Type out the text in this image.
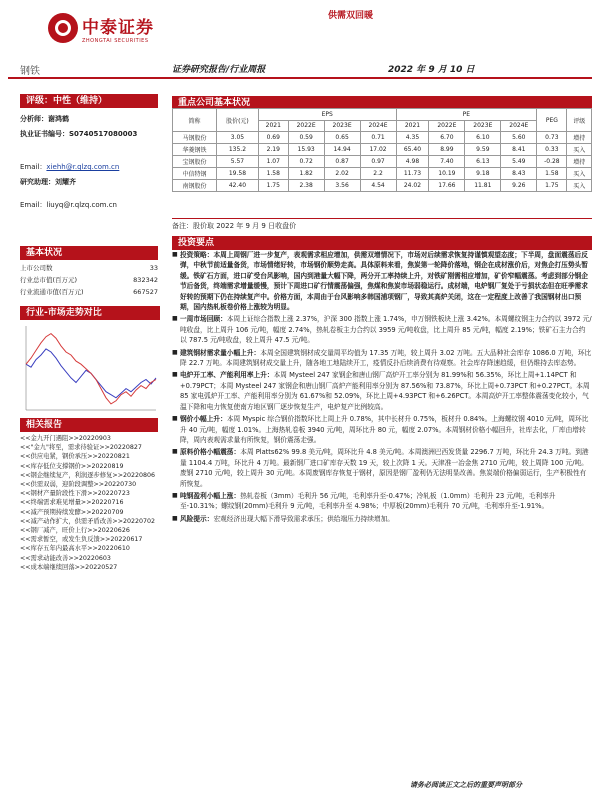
中泰证券
ZHONGTAI SECURITIES
供需双回暖
钢铁	证券研究报告/行业周报	2022 年 9 月 10 日
评级：中性（维持）
分析师：谢鸿鹤
执业证书编号：S0740517080003
Email：xiehh@r.qlzq.com.cn
研究助理：刘耀齐
Email：liuyq@r.qlzq.com.cn
基本状况
上市公司数	33
行业总市值(百万元)	832342
行业流通市值(百万元)	667527
行业-市场走势对比
相关报告
<<金九开门遇阻>>20220903
<<"金九"将至，需求待验证>>20220827
<<供应电紧，钢价承压>>20220821
<<库存低位支撑钢价>>20220819
<<钢企继续复产，利润逐步修复>>20220806
<<供需双弱，迎阶段调整>>20220730
<<钢材产量阶段性下滑>>20220723
<<终端需求难见增量>>20220716
<<减产预期持续发酵>>20220709
<<减产动作扩大，供需矛盾改善>>20220702
<<钢厂减产，旺价上行>>20220626
<<需求暂空，或发生负反馈>>20220617
<<库存五年内最高水平>>20220610
<<需求动能改善>>20220603
<<成本端继续回落>>20220527
重点公司基本状况
简称	股价(元)	EPS				PE				PEG	评级
		2021	2022E	2023E	2024E	2021	2022E	2023E	2024E		
马钢股份	3.05	0.69	0.59	0.65	0.71	4.35	6.70	6.10	5.60	0.73	增持
华菱钢铁	135.2	2.19	15.93	14.94	17.02	65.40	8.99	9.59	8.41	0.33	买入
宝钢股份	5.57	1.07	0.72	0.87	0.97	4.98	7.40	6.13	5.49	-0.28	增持
中信特钢	19.58	1.58	1.82	2.02	2.2	11.73	10.19	9.18	8.43	1.58	买入
南钢股份	42.40	1.75	2.38	3.56	4.54	24.02	17.66	11.81	9.26	1.75	买入
备注：股价取 2022 年 9 月 9 日收盘价
投资要点
■ 投资策略：本周上周钢厂进一步复产，表观需求相应增加，供需双增情况下，市场对后续需求恢复持谨慎观望态度；下半周，盘面震荡后反弹，中秋节前适量备货，市场情绪好转，市场钢价顺势走高。具体原料来看，焦炭第一轮降价落地，钢企在成材涨价后，对焦企打压势头暂缓。铁矿石方面，进口矿受台风影响，国内到港量大幅下降，两分开工率持续上升，对铁矿刚需相应增加，矿价窄幅震荡。考虑到部分钢企节后备货，终端需求增量缓慢，预计下周进口矿行情震荡偏强，焦煤和焦炭市场弱稳运行。成材端，电炉钢厂复处于亏损状态但在旺季需求好转的预期下仍在持续复产中。价格方面，本周由于台风影响多韩国浦项钢厂，导致其高炉关闭，这在一定程度上改善了我国钢材出口预期，国内热轧板卷价格上涨较为明显。
■ 一周市场回顾：本周上证综合指数上涨 2.37%，沪深 300 指数上涨 1.74%，申万钢铁板块上涨 3.42%。本周螺纹钢主力合约以 3972 元/吨收盘，比上周升 106 元/吨，幅度 2.74%，热轧卷板主力合约以 3959 元/吨收盘，比上周升 85 元/吨，幅度 2.19%；铁矿石主力合约以 787.5 元/吨收盘，较上周升 47.5 元/吨。
■ 建筑钢材需求量小幅上升：本周全国建筑钢材成交量周平均值为 17.35 万吨，较上周升 3.02 万吨。五大品种社会库存 1086.0 万吨，环比降 22.7 万吨。本周建筑钢材成交量上升，随各地工地陆续开工，疫情反扑后续消费有待观察。社会库存降速趋缓，但仍维持去库态势。
■ 电炉开工率、产能利用率上升：本周 Mysteel 247 家钢企和唐山钢厂高炉开工率分别为 81.99%和 56.35%，环比上周+1.14PCT 和+0.79PCT；本周 Mysteel 247 家钢企和唐山钢厂高炉产能利用率分别为 87.56%和 73.87%，环比上周+0.73PCT 和+0.27PCT。本周 85 家电弧炉开工率、产能利用率分别为 61.67%和 52.09%，环比上周+4.93PCT 和+6.26PCT。本周高炉开工率整体震荡变化较小，气温下降和电力恢复使南方地区钢厂逐步恢复生产，电炉复产比例较高。
■ 钢价小幅上升：本周 Myspic 综合钢价指数环比上周上升 0.78%，其中长材升 0.75%，板材升 0.84%。上海螺纹钢 4010 元/吨，周环比升 40 元/吨，幅度 1.01%。上海热轧卷板 3940 元/吨，周环比升 80 元，幅度 2.07%。本周钢材价格小幅回升，社库去化，厂库由增转降，周内表观需求量有所恢复，钢价震荡走强。
■ 原料价格小幅震荡：本周 Platts62% 99.8 美元/吨，周环比升 4.8 美元/吨。本周澳洲巴西发货量 2296.7 万吨，环比升 24.3 万吨。到港量 1104.4 万吨，环比升 4 万吨。最新钢厂进口矿库存天数 19 天，较上次降 1 天。天津准一冶金焦 2710 元/吨，较上周降 100 元/吨。废钢 2710 元/吨，较上周升 30 元/吨。本周废钢库存恢复于钢材，原因是钢厂盈利仍无法明显改善。焦炭端价格偏弱运行，生产积极性有所恢复。
■ 吨钢盈利小幅上涨：热轧卷板（3mm）毛利升 56 元/吨，毛利率升至-0.47%；冷轧板（1.0mm）毛利升 23 元/吨，毛利率升至-10.31%；螺纹钢(20mm)毛利升 9 元/吨，毛利率升至 4.98%；中厚板(20mm)毛利升 70 元/吨，毛利率升至-1.91%。
■ 风险提示：宏观经济出现大幅下滑导致需求承压；供给端压力持续增加。
请务必阅读正文之后的重要声明部分
